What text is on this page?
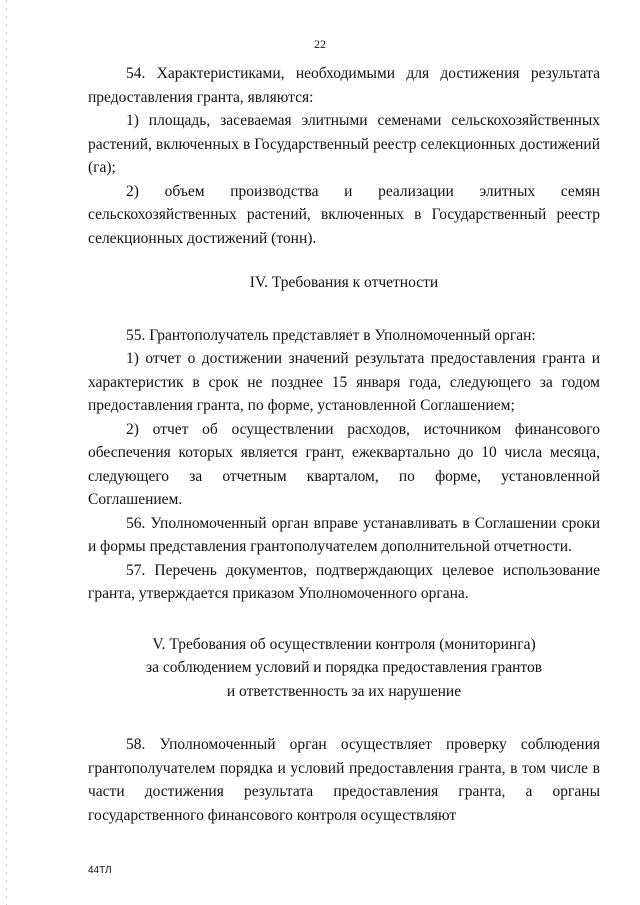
22

54. Характеристиками, необходимыми для достижения результата предоставления гранта, являются:

1) площадь, засеваемая элитными семенами сельскохозяйственных растений, включенных в Государственный реестр селекционных достижений (га);

2) объем производства и реализации элитных семян сельскохозяйственных растений, включенных в Государственный реестр селекционных достижений (тонн).

IV. Требования к отчетности

55. Грантополучатель представляет в Уполномоченный орган:

1) отчет о достижении значений результата предоставления гранта и характеристик в срок не позднее 15 января года, следующего за годом предоставления гранта, по форме, установленной Соглашением;

2) отчет об осуществлении расходов, источником финансового обеспечения которых является грант, ежеквартально до 10 числа месяца, следующего за отчетным кварталом, по форме, установленной Соглашением.

56. Уполномоченный орган вправе устанавливать в Соглашении сроки и формы представления грантополучателем дополнительной отчетности.

57. Перечень документов, подтверждающих целевое использование гранта, утверждается приказом Уполномоченного органа.

V. Требования об осуществлении контроля (мониторинга)

за соблюдением условий и порядка предоставления грантов

и ответственность за их нарушение

58. Уполномоченный орган осуществляет проверку соблюдения грантополучателем порядка и условий предоставления гранта, в том числе в части достижения результата предоставления гранта, а органы государственного финансового контроля осуществляют

44ТЛ
